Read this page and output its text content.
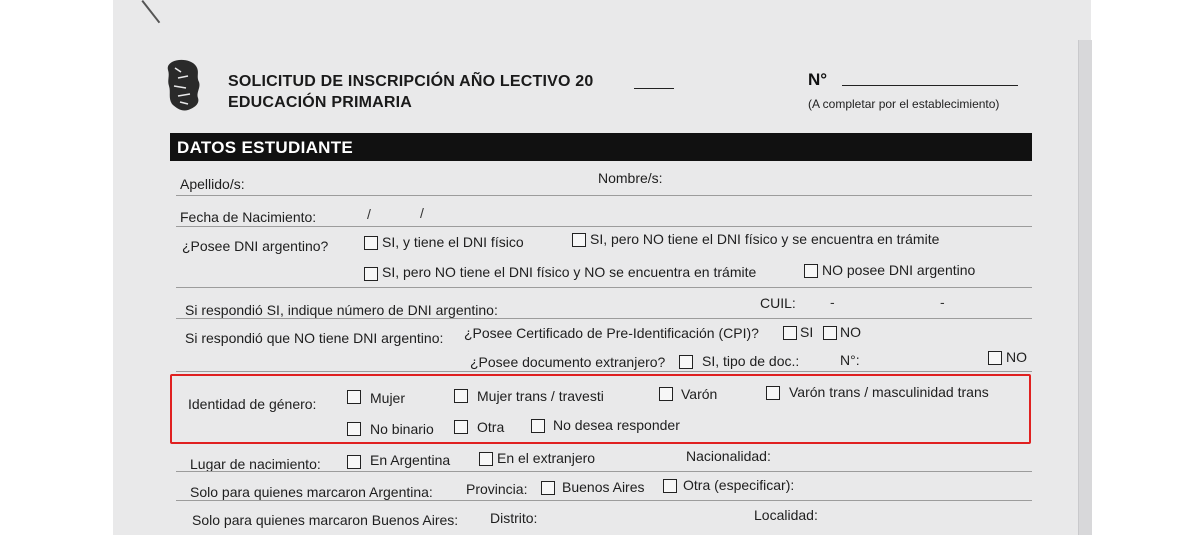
SOLICITUD DE INSCRIPCIÓN AÑO LECTIVO 20
EDUCACIÓN PRIMARIA
N°
(A completar por el establecimiento)
DATOS ESTUDIANTE
Apellido/s:	Nombre/s:
Fecha de Nacimiento:	/	/
¿Posee DNI argentino?	SI, y tiene el DNI físico	SI, pero NO tiene el DNI físico y se encuentra en trámite
SI, pero NO tiene el DNI físico y NO se encuentra en trámite	NO posee DNI argentino
Si respondió SI, indique número de DNI argentino:	CUIL: -	-
Si respondió que NO tiene DNI argentino: ¿Posee Certificado de Pre-Identificación (CPI)?	SI NO
¿Posee documento extranjero?	SI, tipo de doc.:	N°:	NO
Identidad de género:	Mujer	Mujer trans / travesti	Varón	Varón trans / masculinidad trans
No binario	Otra	No desea responder
Lugar de nacimiento:	En Argentina	En el extranjero	Nacionalidad:
Solo para quienes marcaron Argentina: Provincia: Buenos Aires	Otra (especificar):
Solo para quienes marcaron Buenos Aires: Distrito:	Localidad:
